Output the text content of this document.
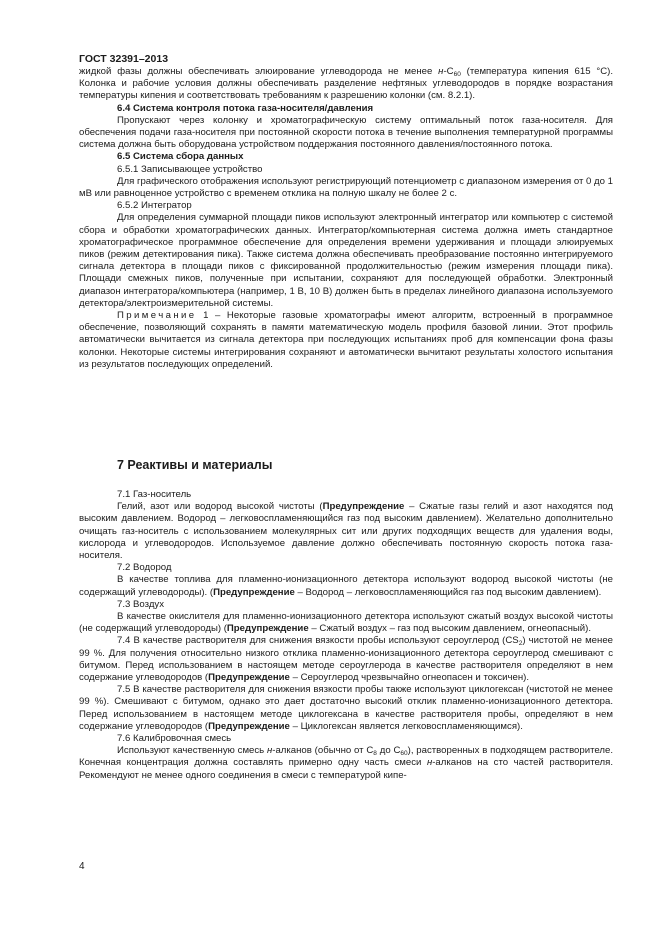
ГОСТ 32391–2013

жидкой фазы должны обеспечивать элюирование углеводорода не менее $н-C_{60}$ (температура кипения 615 °С). Колонка и рабочие условия должны обеспечивать разделение нефтяных углеводородов в порядке возрастания температуры кипения и соответствовать требованиям к разрешению колонки (см. 8.2.1).

6.4 Система контроля потока газа-носителя/давления

Пропускают через колонку и хроматографическую систему оптимальный поток газа-носителя. Для обеспечения подачи газа-носителя при постоянной скорости потока в течение выполнения температурной программы система должна быть оборудована устройством поддержания постоянного давления/постоянного потока.

6.5 Система сбора данных

6.5.1 Записывающее устройство

Для графического отображения используют регистрирующий потенциометр с диапазоном измерения от 0 до 1 мВ или равноценное устройство с временем отклика на полную шкалу не более 2 с.

6.5.2 Интегратор

Для определения суммарной площади пиков используют электронный интегратор или компьютер с системой сбора и обработки хроматографических данных. Интегратор/компьютерная система должна иметь стандартное хроматографическое программное обеспечение для определения времени удерживания и площади элюируемых пиков (режим детектирования пика). Также система должна обеспечивать преобразование постоянно интегрируемого сигнала детектора в площади пиков с фиксированной продолжительностью (режим измерения площади пика). Площади смежных пиков, полученные при испытании, сохраняют для последующей обработки. Электронный диапазон интегратора/компьютера (например, 1 В, 10 В) должен быть в пределах линейного диапазона используемого детектора/электроизмерительной системы.

Примечание 1 – Некоторые газовые хроматографы имеют алгоритм, встроенный в программное обеспечение, позволяющий сохранять в памяти математическую модель профиля базовой линии. Этот профиль автоматически вычитается из сигнала детектора при последующих испытаниях проб для компенсации фона фазы колонки. Некоторые системы интегрирования сохраняют и автоматически вычитают результаты холостого испытания из результатов последующих определений.

7 Реактивы и материалы

7.1 Газ-носитель

Гелий, азот или водород высокой чистоты (Предупреждение – Сжатые газы гелий и азот находятся под высоким давлением. Водород – легковоспламеняющийся газ под высоким давлением). Желательно дополнительно очищать газ-носитель с использованием молекулярных сит или других подходящих веществ для удаления воды, кислорода и углеводородов. Используемое давление должно обеспечивать постоянную скорость потока газа-носителя.

7.2 Водород

В качестве топлива для пламенно-ионизационного детектора используют водород высокой чистоты (не содержащий углеводороды). (Предупреждение – Водород – легковоспламеняющийся газ под высоким давлением).

7.3 Воздух

В качестве окислителя для пламенно-ионизационного детектора используют сжатый воздух высокой чистоты (не содержащий углеводороды) (Предупреждение – Сжатый воздух – газ под высоким давлением, огнеопасный).

7.4 В качестве растворителя для снижения вязкости пробы используют сероуглерод $(CS_2)$ чистотой не менее 99 %. Для получения относительно низкого отклика пламенно-ионизационного детектора сероуглерод смешивают с битумом. Перед использованием в настоящем методе сероуглерода в качестве растворителя определяют в нем содержание углеводородов (Предупреждение – Сероуглерод чрезвычайно огнеопасен и токсичен).

7.5 В качестве растворителя для снижения вязкости пробы также используют циклогексан (чистотой не менее 99 %). Смешивают с битумом, однако это дает достаточно высокий отклик пламенно-ионизационного детектора. Перед использованием в настоящем методе циклогексана в качестве растворителя пробы, определяют в нем содержание углеводородов (Предупреждение – Циклогексан является легковоспламеняющимся).

7.6 Калибровочная смесь

Используют качественную смесь н-алканов (обычно от $C_8$ до $C_{60}$), растворенных в подходящем растворителе. Конечная концентрация должна составлять примерно одну часть смеси н-алканов на сто частей растворителя. Рекомендуют не менее одного соединения в смеси с температурой кипе-

4
